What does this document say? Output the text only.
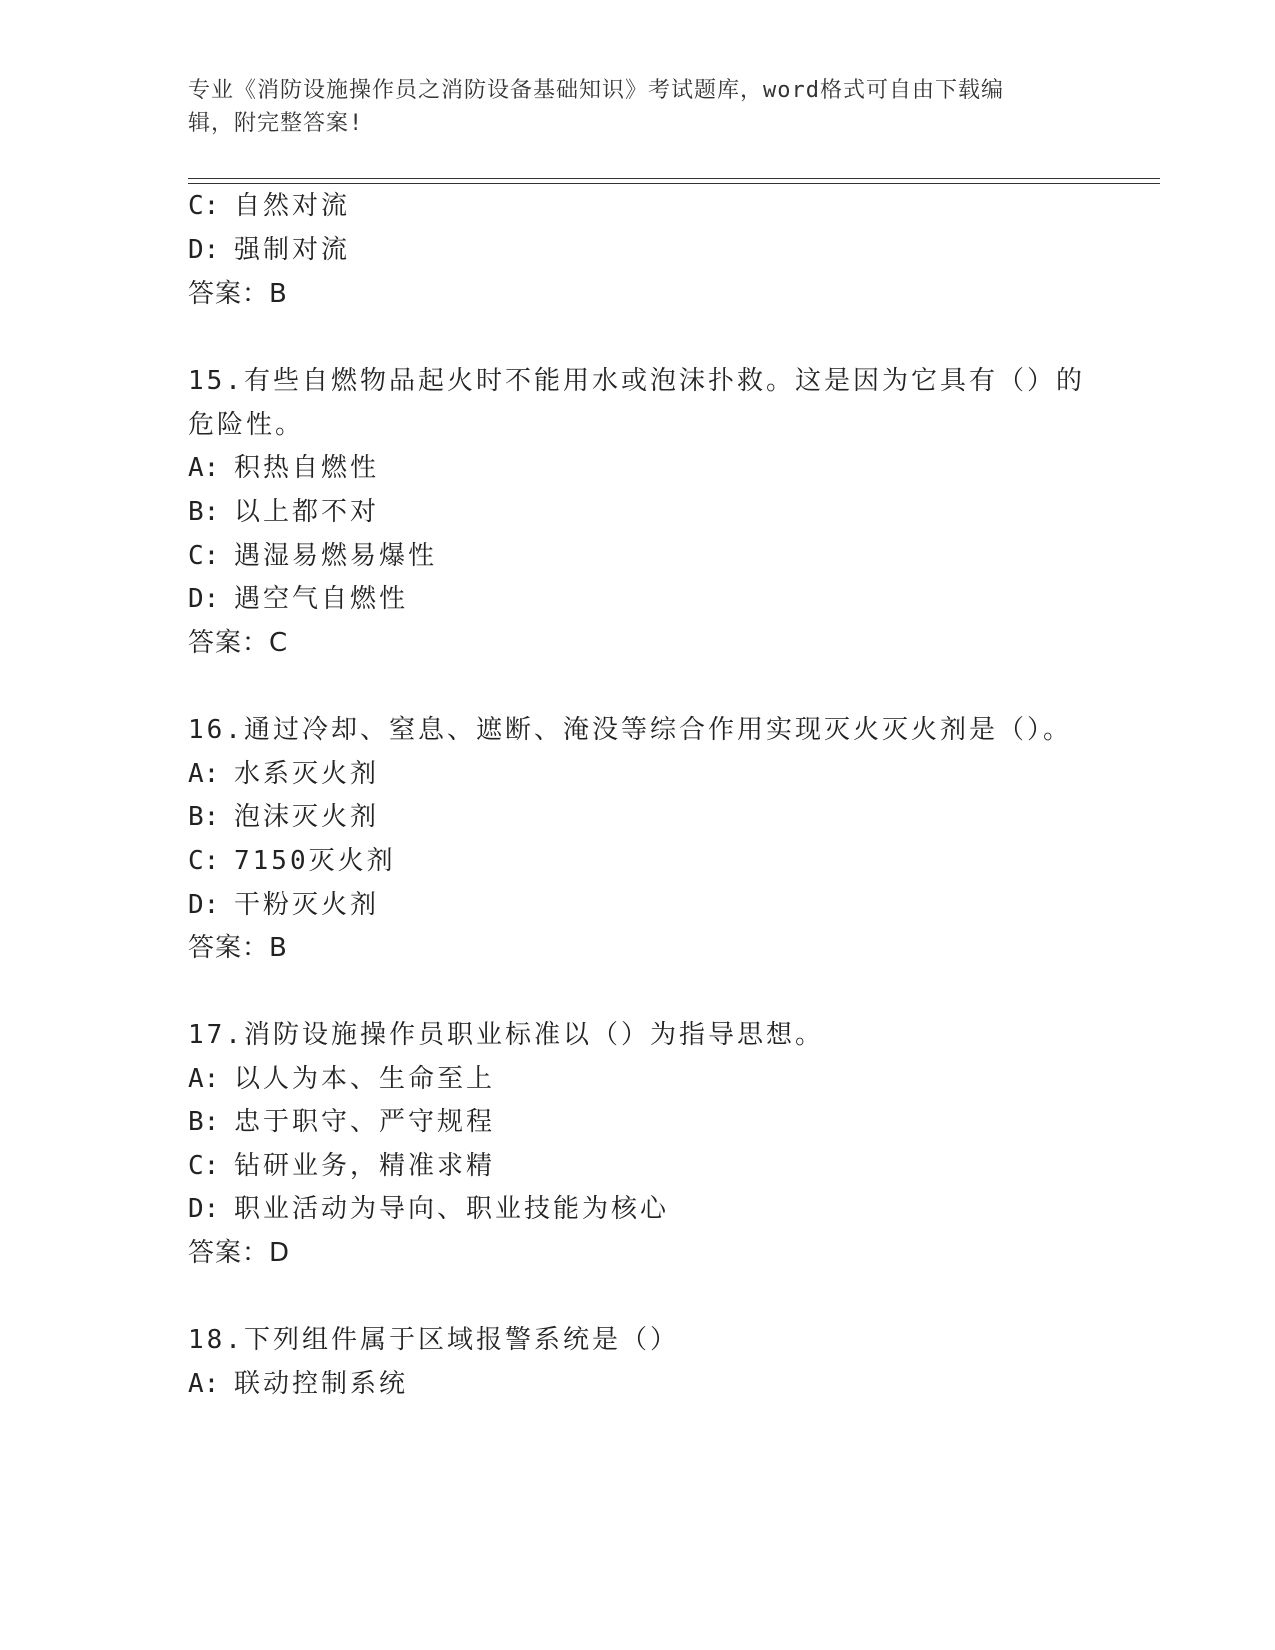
专业《消防设施操作员之消防设备基础知识》考试题库，word格式可自由下载编
辑，附完整答案!
C: 自然对流
D: 强制对流
答案：B
15.有些自燃物品起火时不能用水或泡沫扑救。这是因为它具有（）的
危险性。
A: 积热自燃性
B: 以上都不对
C: 遇湿易燃易爆性
D: 遇空气自燃性
答案：C
16.通过冷却、窒息、遮断、淹没等综合作用实现灭火灭火剂是（）。
A: 水系灭火剂
B: 泡沫灭火剂
C: 7150灭火剂
D: 干粉灭火剂
答案：B
17.消防设施操作员职业标准以（）为指导思想。
A: 以人为本、生命至上
B: 忠于职守、严守规程
C: 钻研业务，精准求精
D: 职业活动为导向、职业技能为核心
答案：D
18.下列组件属于区域报警系统是（）
A: 联动控制系统
